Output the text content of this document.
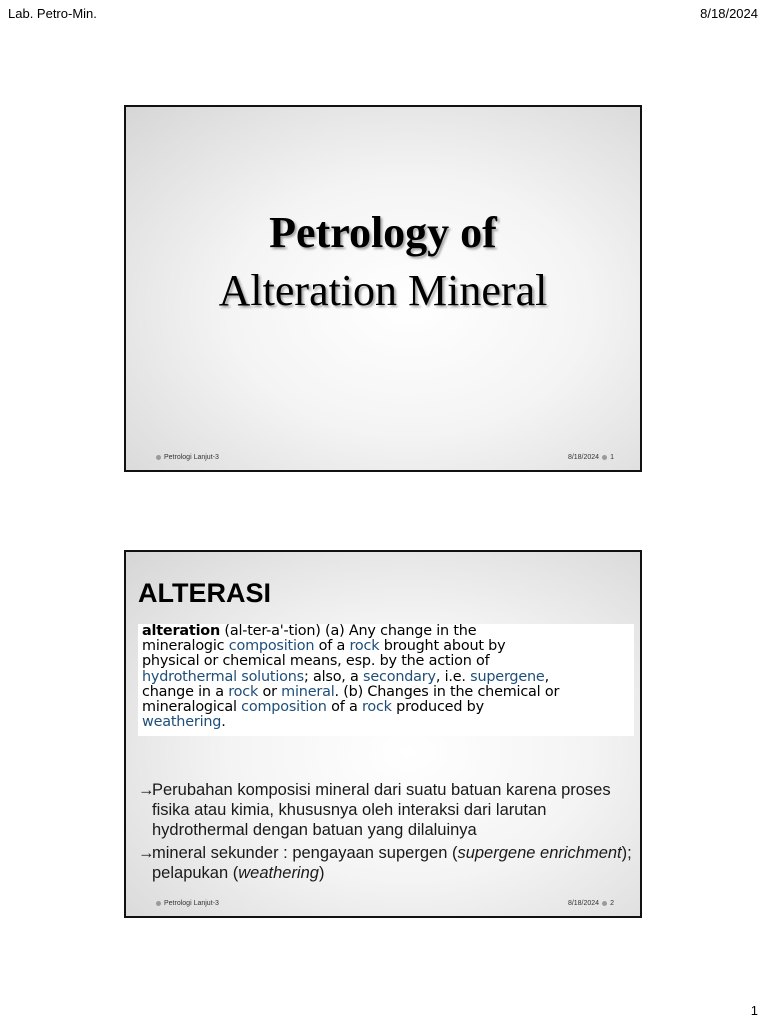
Lab. Petro-Min.	8/18/2024
Petrology of
Alteration Mineral
Petrologi Lanjut-3	8/18/2024 1
ALTERASI
alteration (al-ter-a'-tion) (a) Any change in the
mineralogic composition of a rock brought about by
physical or chemical means, esp. by the action of
hydrothermal solutions; also, a secondary, i.e. supergene,
change in a rock or mineral. (b) Changes in the chemical or
mineralogical composition of a rock produced by
weathering.
→
Perubahan komposisi mineral dari suatu batuan karena proses fisika atau kimia, khususnya oleh interaksi dari larutan hydrothermal dengan batuan yang dilaluinya
→
mineral sekunder : pengayaan supergen (supergene enrichment); pelapukan (weathering)
Petrologi Lanjut-3	8/18/2024 2
1
